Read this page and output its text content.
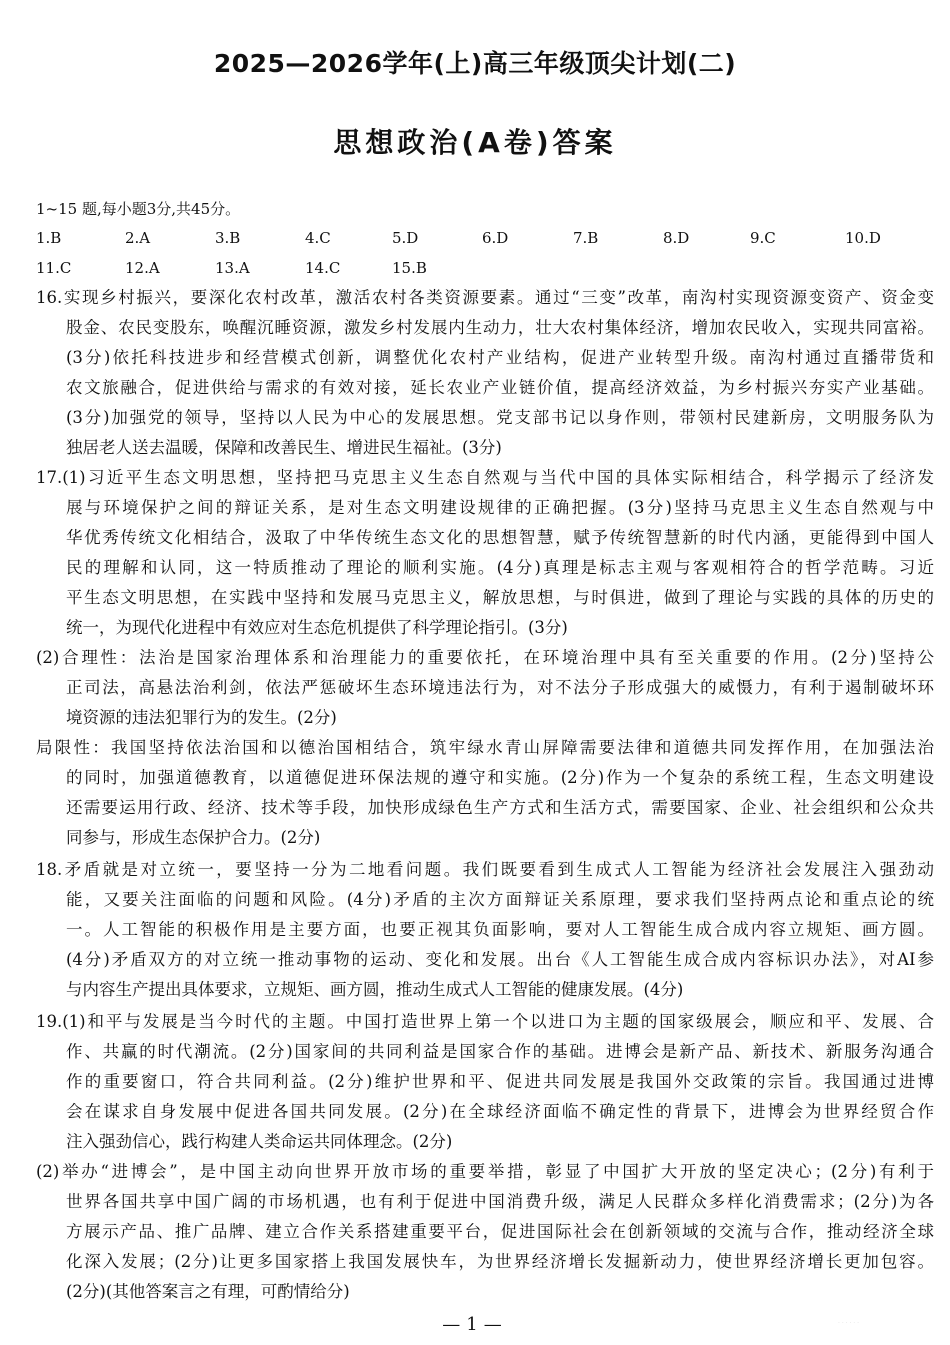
2025—2026学年(上)高三年级顶尖计划(二)
思想政治(A卷)答案
1~15 题,每小题3分,共45分。
1.B	2.A	3.B	4.C	5.D	6.D	7.B	8.D	9.C	10.D
11.C	12.A	13.A	14.C	15.B
16.实现乡村振兴，要深化农村改革，激活农村各类资源要素。通过“三变”改革，南沟村实现资源变资产、资金变
股金、农民变股东，唤醒沉睡资源，激发乡村发展内生动力，壮大农村集体经济，增加农民收入，实现共同富裕。
(3分)依托科技进步和经营模式创新，调整优化农村产业结构，促进产业转型升级。南沟村通过直播带货和
农文旅融合，促进供给与需求的有效对接，延长农业产业链价值，提高经济效益，为乡村振兴夯实产业基础。
(3分)加强党的领导，坚持以人民为中心的发展思想。党支部书记以身作则，带领村民建新房，文明服务队为
独居老人送去温暖，保障和改善民生、增进民生福祉。(3分)
17.(1)习近平生态文明思想，坚持把马克思主义生态自然观与当代中国的具体实际相结合，科学揭示了经济发
展与环境保护之间的辩证关系，是对生态文明建设规律的正确把握。(3分)坚持马克思主义生态自然观与中
华优秀传统文化相结合，汲取了中华传统生态文化的思想智慧，赋予传统智慧新的时代内涵，更能得到中国人
民的理解和认同，这一特质推动了理论的顺利实施。(4分)真理是标志主观与客观相符合的哲学范畴。习近
平生态文明思想，在实践中坚持和发展马克思主义，解放思想，与时俱进，做到了理论与实践的具体的历史的
统一，为现代化进程中有效应对生态危机提供了科学理论指引。(3分)
(2)合理性：法治是国家治理体系和治理能力的重要依托，在环境治理中具有至关重要的作用。(2分)坚持公
正司法，高悬法治利剑，依法严惩破坏生态环境违法行为，对不法分子形成强大的威慑力，有利于遏制破坏环
境资源的违法犯罪行为的发生。(2分)
局限性：我国坚持依法治国和以德治国相结合，筑牢绿水青山屏障需要法律和道德共同发挥作用，在加强法治
的同时，加强道德教育，以道德促进环保法规的遵守和实施。(2分)作为一个复杂的系统工程，生态文明建设
还需要运用行政、经济、技术等手段，加快形成绿色生产方式和生活方式，需要国家、企业、社会组织和公众共
同参与，形成生态保护合力。(2分)
18.矛盾就是对立统一，要坚持一分为二地看问题。我们既要看到生成式人工智能为经济社会发展注入强劲动
能，又要关注面临的问题和风险。(4分)矛盾的主次方面辩证关系原理，要求我们坚持两点论和重点论的统
一。人工智能的积极作用是主要方面，也要正视其负面影响，要对人工智能生成合成内容立规矩、画方圆。
(4分)矛盾双方的对立统一推动事物的运动、变化和发展。出台《人工智能生成合成内容标识办法》，对AI参
与内容生产提出具体要求，立规矩、画方圆，推动生成式人工智能的健康发展。(4分)
19.(1)和平与发展是当今时代的主题。中国打造世界上第一个以进口为主题的国家级展会，顺应和平、发展、合
作、共赢的时代潮流。(2分)国家间的共同利益是国家合作的基础。进博会是新产品、新技术、新服务沟通合
作的重要窗口，符合共同利益。(2分)维护世界和平、促进共同发展是我国外交政策的宗旨。我国通过进博
会在谋求自身发展中促进各国共同发展。(2分)在全球经济面临不确定性的背景下，进博会为世界经贸合作
注入强劲信心，践行构建人类命运共同体理念。(2分)
(2)举办“进博会”，是中国主动向世界开放市场的重要举措，彰显了中国扩大开放的坚定决心；(2分)有利于
世界各国共享中国广阔的市场机遇，也有利于促进中国消费升级，满足人民群众多样化消费需求；(2分)为各
方展示产品、推广品牌、建立合作关系搭建重要平台，促进国际社会在创新领域的交流与合作，推动经济全球
化深入发展；(2分)让更多国家搭上我国发展快车，为世界经济增长发掘新动力，使世界经济增长更加包容。
(2分)(其他答案言之有理，可酌情给分)
—1—	· · · · · ·
